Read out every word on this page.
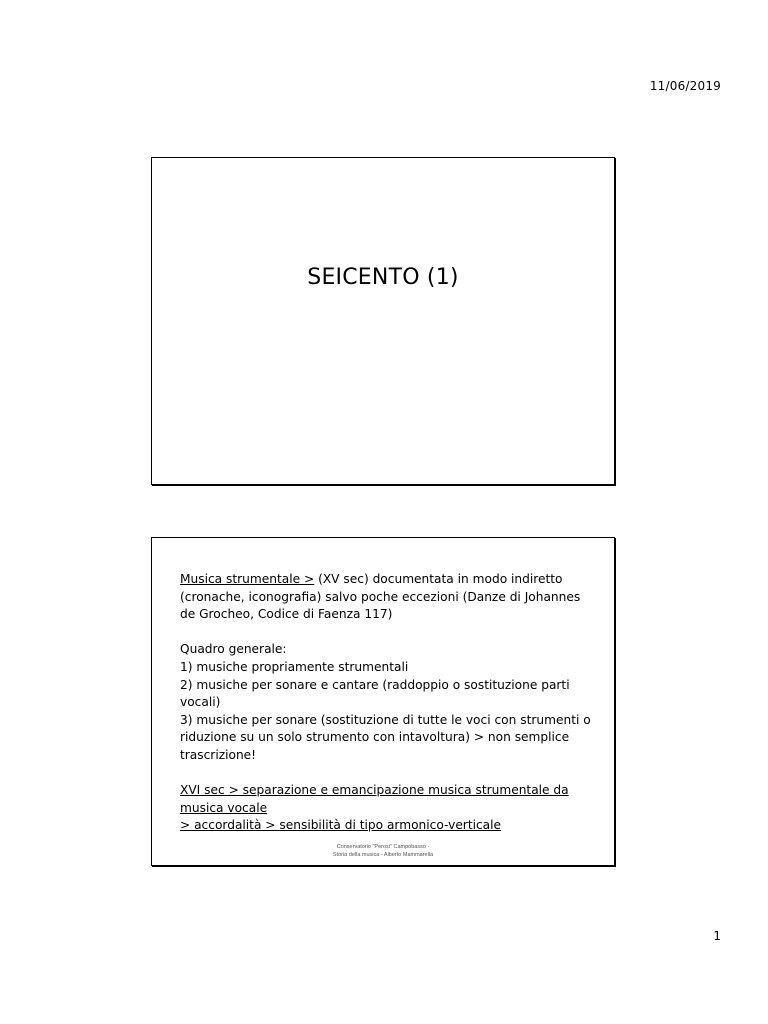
11/06/2019
SEICENTO (1)

Musica strumentale > (XV sec) documentata in modo indiretto (cronache, iconografia) salvo poche eccezioni (Danze di Johannes de Grocheo, Codice di Faenza 117)

Quadro generale:

1) musiche propriamente strumentali

2) musiche per sonare e cantare (raddoppio o sostituzione parti vocali)

3) musiche per sonare (sostituzione di tutte le voci con strumenti o riduzione su un solo strumento con intavoltura) > non semplice trascrizione!

XVI sec > separazione e emancipazione musica strumentale da musica vocale

> accordalità > sensibilità di tipo armonico-verticale

Conservatorio "Perosi" Campobasso -
Storia della musica - Alberto Mammarella
1
